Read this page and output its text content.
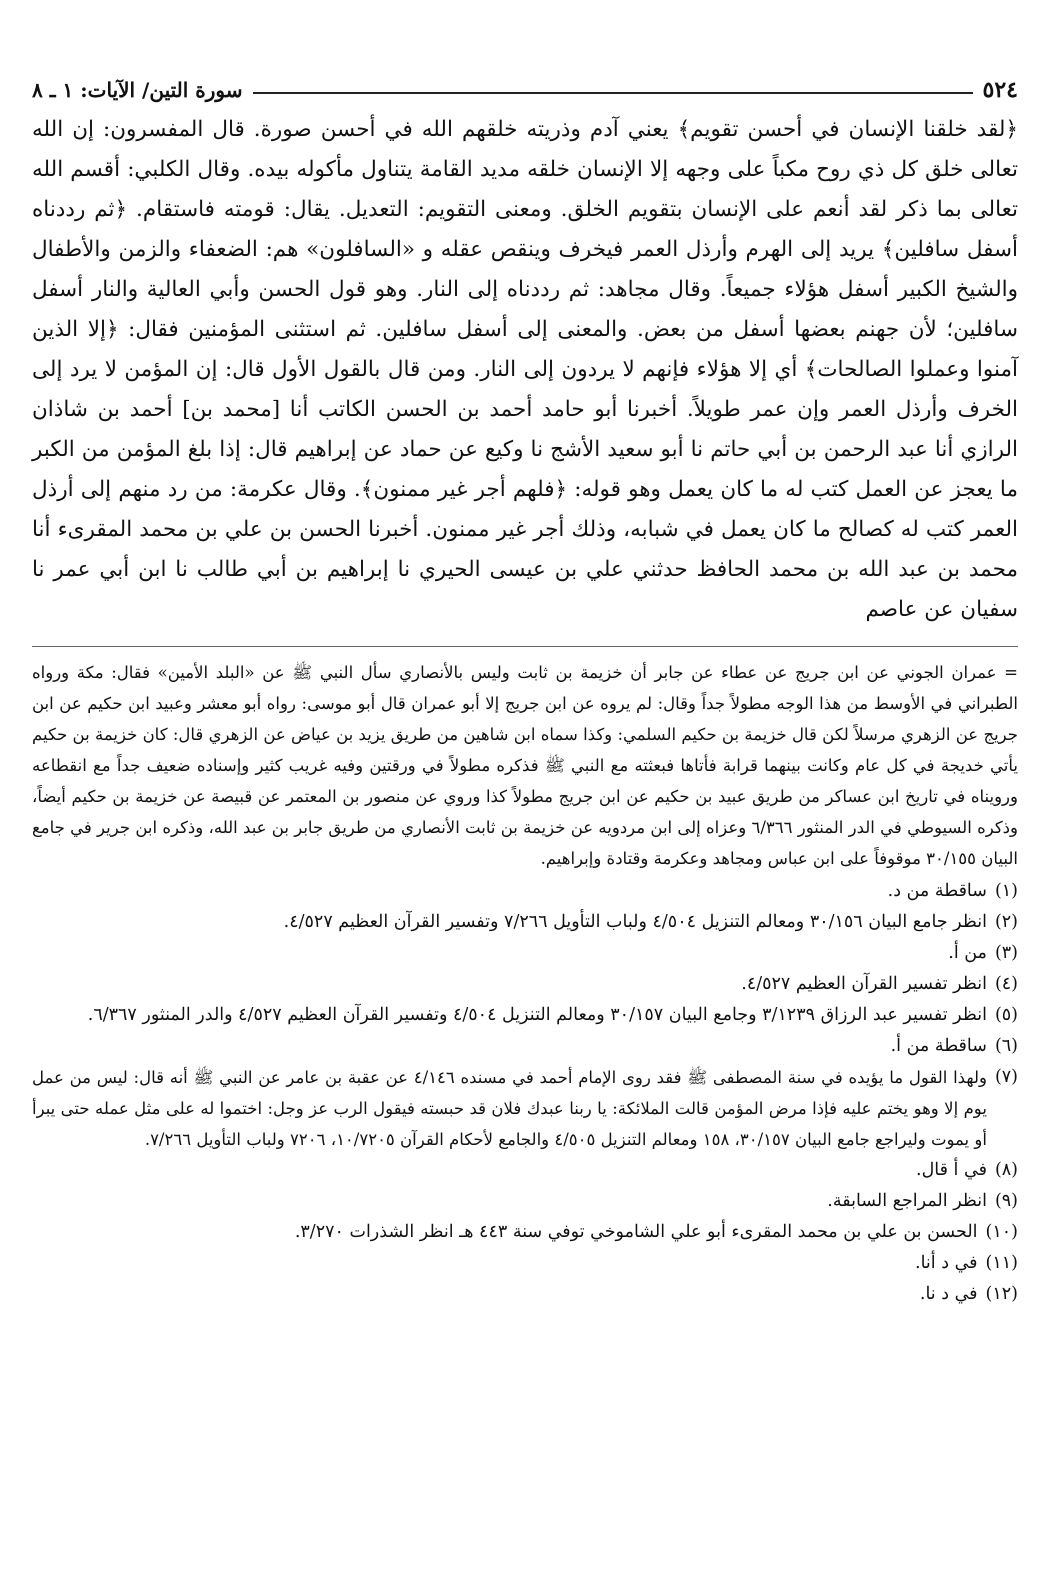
٥٢٤
سورة التين/ الآيات: ١ ـ ٨

﴿لقد خلقنا الإنسان في أحسن تقويم﴾ يعني آدم وذريته خلقهم الله في أحسن صورة. قال المفسرون: إن الله تعالى خلق كل ذي روح مكباً على وجهه إلا الإنسان خلقه مديد القامة يتناول مأكوله بيده. وقال الكلبي: أقسم الله تعالى بما ذكر لقد أنعم على الإنسان بتقويم الخلق. ومعنى التقويم: التعديل. يقال: قومته فاستقام. ﴿ثم رددناه أسفل سافلين﴾ يريد إلى الهرم وأرذل العمر فيخرف وينقص عقله و «السافلون» هم: الضعفاء والزمن والأطفال والشيخ الكبير أسفل هؤلاء جميعاً. وقال مجاهد: ثم رددناه إلى النار. وهو قول الحسن وأبي العالية والنار أسفل سافلين؛ لأن جهنم بعضها أسفل من بعض. والمعنى إلى أسفل سافلين. ثم استثنى المؤمنين فقال: ﴿إلا الذين آمنوا وعملوا الصالحات﴾ أي إلا هؤلاء فإنهم لا يردون إلى النار. ومن قال بالقول الأول قال: إن المؤمن لا يرد إلى الخرف وأرذل العمر وإن عمر طويلاً. أخبرنا أبو حامد أحمد بن الحسن الكاتب أنا [محمد بن] أحمد بن شاذان الرازي أنا عبد الرحمن بن أبي حاتم نا أبو سعيد الأشج نا وكيع عن حماد عن إبراهيم قال: إذا بلغ المؤمن من الكبر ما يعجز عن العمل كتب له ما كان يعمل وهو قوله: ﴿فلهم أجر غير ممنون﴾. وقال عكرمة: من رد منهم إلى أرذل العمر كتب له كصالح ما كان يعمل في شبابه، وذلك أجر غير ممنون. أخبرنا الحسن بن علي بن محمد المقرىء أنا محمد بن عبد الله بن محمد الحافظ حدثني علي بن عيسى الحيري نا إبراهيم بن أبي طالب نا ابن أبي عمر نا سفيان عن عاصم

= عمران الجوني عن ابن جريج عن عطاء عن جابر أن خزيمة بن ثابت وليس بالأنصاري سأل النبي ﷺ عن «البلد الأمين» فقال: مكة ورواه الطبراني في الأوسط من هذا الوجه مطولاً جداً وقال: لم يروه عن ابن جريج إلا أبو عمران قال أبو موسى: رواه أبو معشر وعبيد ابن حكيم عن ابن جريج عن الزهري مرسلاً لكن قال خزيمة بن حكيم السلمي: وكذا سماه ابن شاهين من طريق يزيد بن عياض عن الزهري قال: كان خزيمة بن حكيم يأتي خديجة في كل عام وكانت بينهما قرابة فأتاها فبعثته مع النبي ﷺ فذكره مطولاً في ورقتين وفيه غريب كثير وإسناده ضعيف جداً مع انقطاعه ورويناه في تاريخ ابن عساكر من طريق عبيد بن حكيم عن ابن جريج مطولاً كذا وروي عن منصور بن المعتمر عن قبيصة عن خزيمة بن حكيم أيضاً، وذكره السيوطي في الدر المنثور ٦/٣٦٦ وعزاه إلى ابن مردويه عن خزيمة بن ثابت الأنصاري من طريق جابر بن عبد الله، وذكره ابن جرير في جامع البيان ٣٠/١٥٥ موقوفاً على ابن عباس ومجاهد وعكرمة وقتادة وإبراهيم.

(١)
ساقطة من د.
(٢)
انظر جامع البيان ٣٠/١٥٦ ومعالم التنزيل ٤/٥٠٤ ولباب التأويل ٧/٢٦٦ وتفسير القرآن العظيم ٤/٥٢٧.
(٣)
من أ.
(٤)
انظر تفسير القرآن العظيم ٤/٥٢٧.
(٥)
انظر تفسير عبد الرزاق ٣/١٢٣٩ وجامع البيان ٣٠/١٥٧ ومعالم التنزيل ٤/٥٠٤ وتفسير القرآن العظيم ٤/٥٢٧ والدر المنثور ٦/٣٦٧.
(٦)
ساقطة من أ.
(٧)
ولهذا القول ما يؤيده في سنة المصطفى ﷺ فقد روى الإمام أحمد في مسنده ٤/١٤٦ عن عقبة بن عامر عن النبي ﷺ أنه قال: ليس من عمل يوم إلا وهو يختم عليه فإذا مرض المؤمن قالت الملائكة: يا ربنا عبدك فلان قد حبسته فيقول الرب عز وجل: اختموا له على مثل عمله حتى يبرأ أو يموت وليراجع جامع البيان ٣٠/١٥٧، ١٥٨ ومعالم التنزيل ٤/٥٠٥ والجامع لأحكام القرآن ١٠/٧٢٠٥، ٧٢٠٦ ولباب التأويل ٧/٢٦٦.
(٨)
في أ قال.
(٩)
انظر المراجع السابقة.
(١٠)
الحسن بن علي بن محمد المقرىء أبو علي الشاموخي توفي سنة ٤٤٣ هـ انظر الشذرات ٣/٢٧٠.
(١١)
في د أنا.
(١٢)
في د نا.
